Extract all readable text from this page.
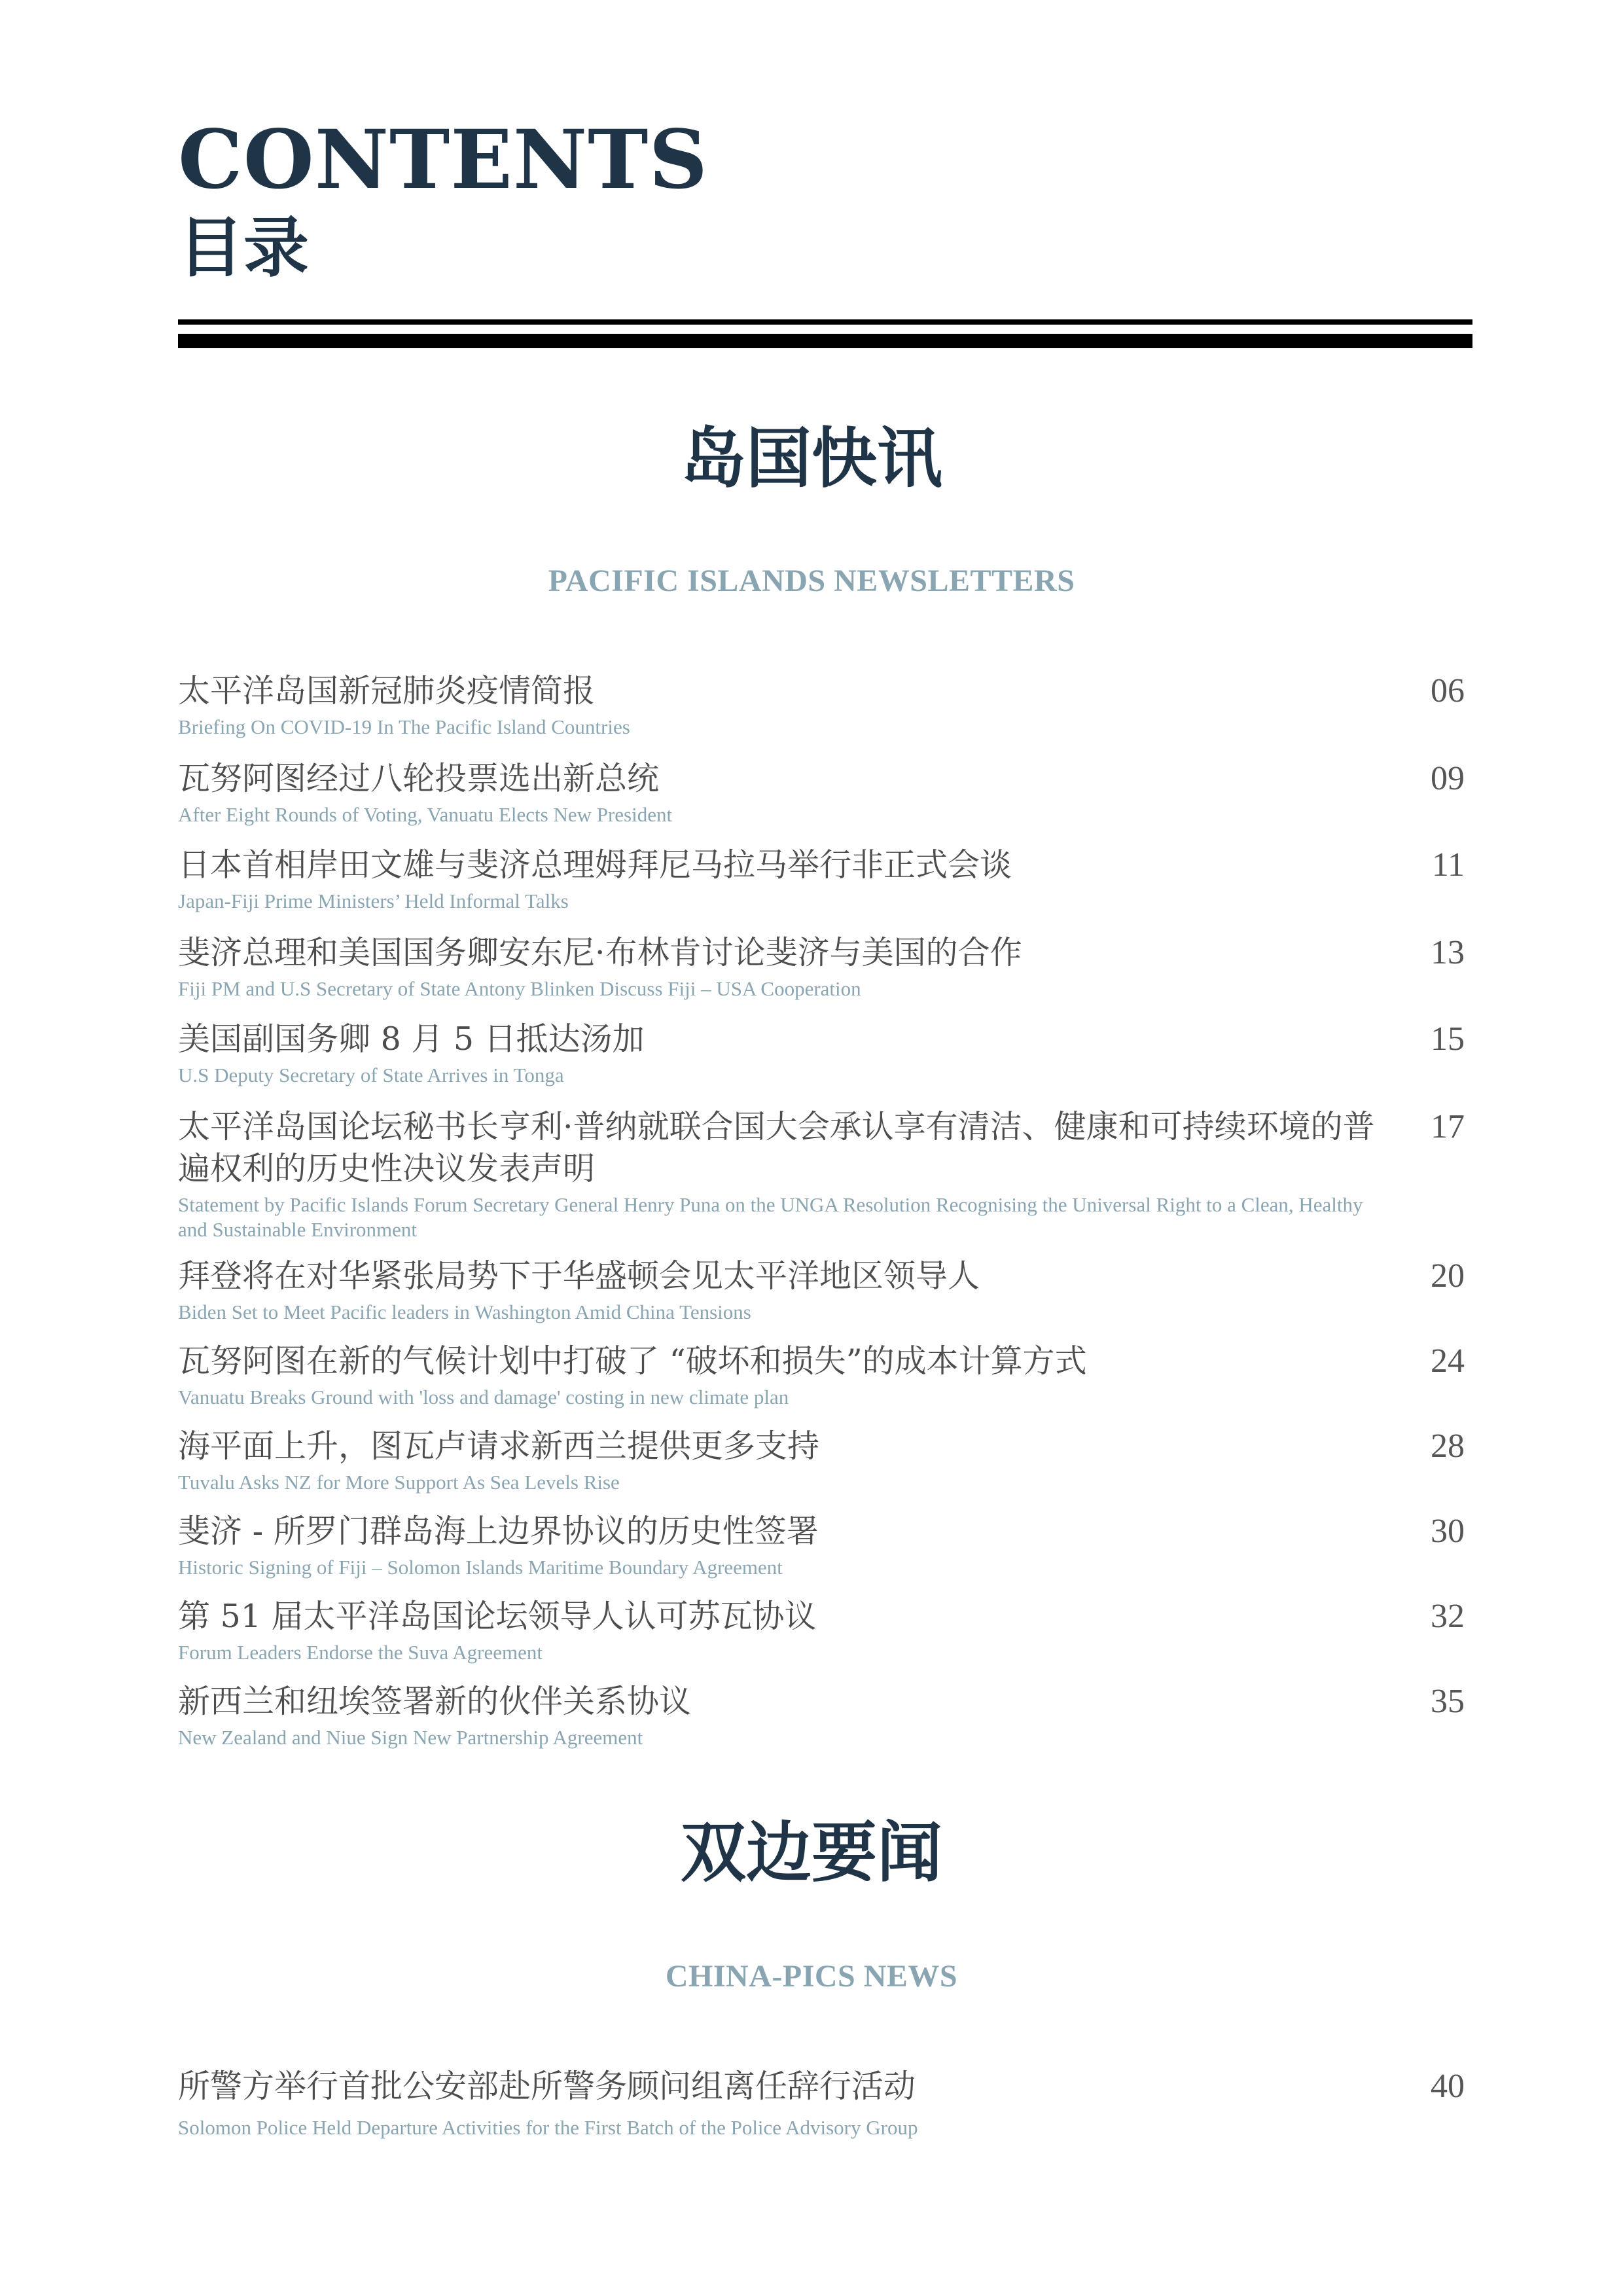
CONTENTS
目录
岛国快讯
PACIFIC ISLANDS NEWSLETTERS

太平洋岛国新冠肺炎疫情简报

Briefing On COVID-19 In The Pacific Island Countries

06

瓦努阿图经过八轮投票选出新总统

After Eight Rounds of Voting, Vanuatu Elects New President

09

日本首相岸田文雄与斐济总理姆拜尼马拉马举行非正式会谈

Japan-Fiji Prime Ministers’ Held Informal Talks

11

斐济总理和美国国务卿安东尼·布林肯讨论斐济与美国的合作

Fiji PM and U.S Secretary of State Antony Blinken Discuss Fiji – USA Cooperation

13

美国副国务卿 8 月 5 日抵达汤加

U.S Deputy Secretary of State Arrives in Tonga

15

太平洋岛国论坛秘书长亨利·普纳就联合国大会承认享有清洁、健康和可持续环境的普遍权利的历史性决议发表声明

Statement by Pacific Islands Forum Secretary General Henry Puna on the UNGA Resolution Recognising the Universal Right to a Clean, Healthy and Sustainable Environment

17

拜登将在对华紧张局势下于华盛顿会见太平洋地区领导人

Biden Set to Meet Pacific leaders in Washington Amid China Tensions

20

瓦努阿图在新的气候计划中打破了 “破坏和损失”的成本计算方式

Vanuatu Breaks Ground with 'loss and damage' costing in new climate plan

24

海平面上升，图瓦卢请求新西兰提供更多支持

Tuvalu Asks NZ for More Support As Sea Levels Rise

28

斐济 - 所罗门群岛海上边界协议的历史性签署

Historic Signing of Fiji – Solomon Islands Maritime Boundary Agreement

30

第 51 届太平洋岛国论坛领导人认可苏瓦协议

Forum Leaders Endorse the Suva Agreement

32

新西兰和纽埃签署新的伙伴关系协议

New Zealand and Niue Sign New Partnership Agreement

35
双边要闻
CHINA-PICS NEWS

所警方举行首批公安部赴所警务顾问组离任辞行活动

Solomon Police Held Departure Activities for the First Batch of the Police Advisory Group

40
